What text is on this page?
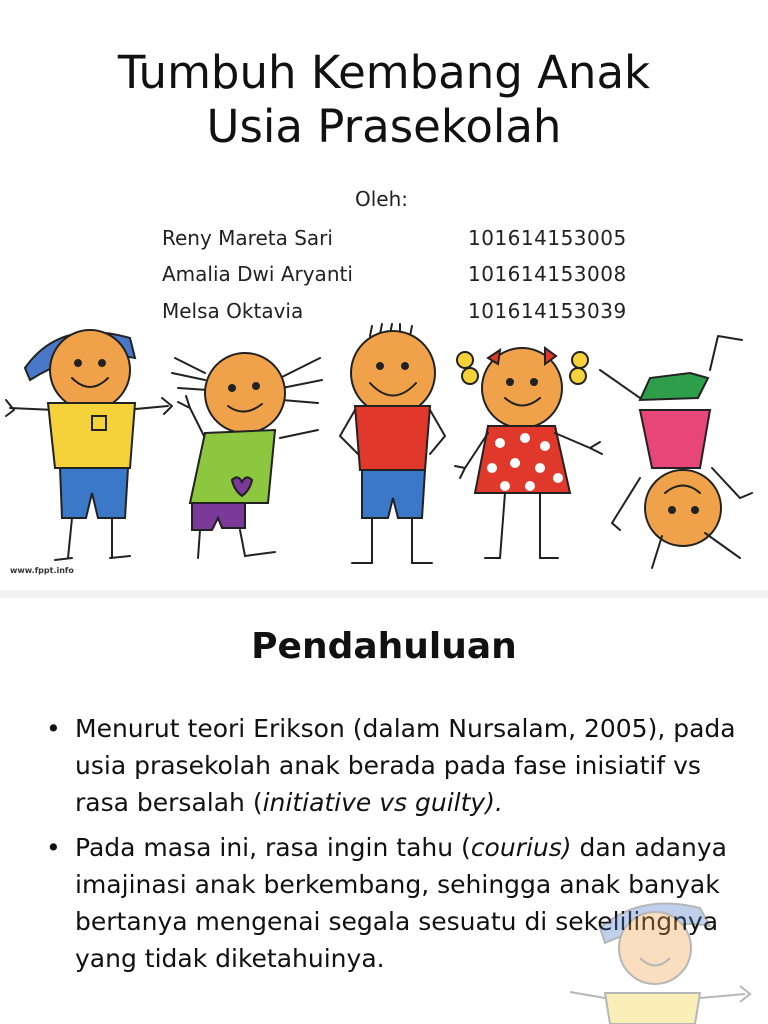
Tumbuh Kembang Anak
Usia Prasekolah
Oleh:
Reny Mareta Sari	101614153005
Amalia Dwi Aryanti	101614153008
Melsa Oktavia	101614153039
www.fppt.info
Pendahuluan
• Menurut teori Erikson (dalam Nursalam, 2005), pada usia prasekolah anak berada pada fase inisiatif vs rasa bersalah (initiative vs guilty).
• Pada masa ini, rasa ingin tahu (courius) dan adanya imajinasi anak berkembang, sehingga anak banyak bertanya mengenai segala sesuatu di sekelilingnya yang tidak diketahuinya.
